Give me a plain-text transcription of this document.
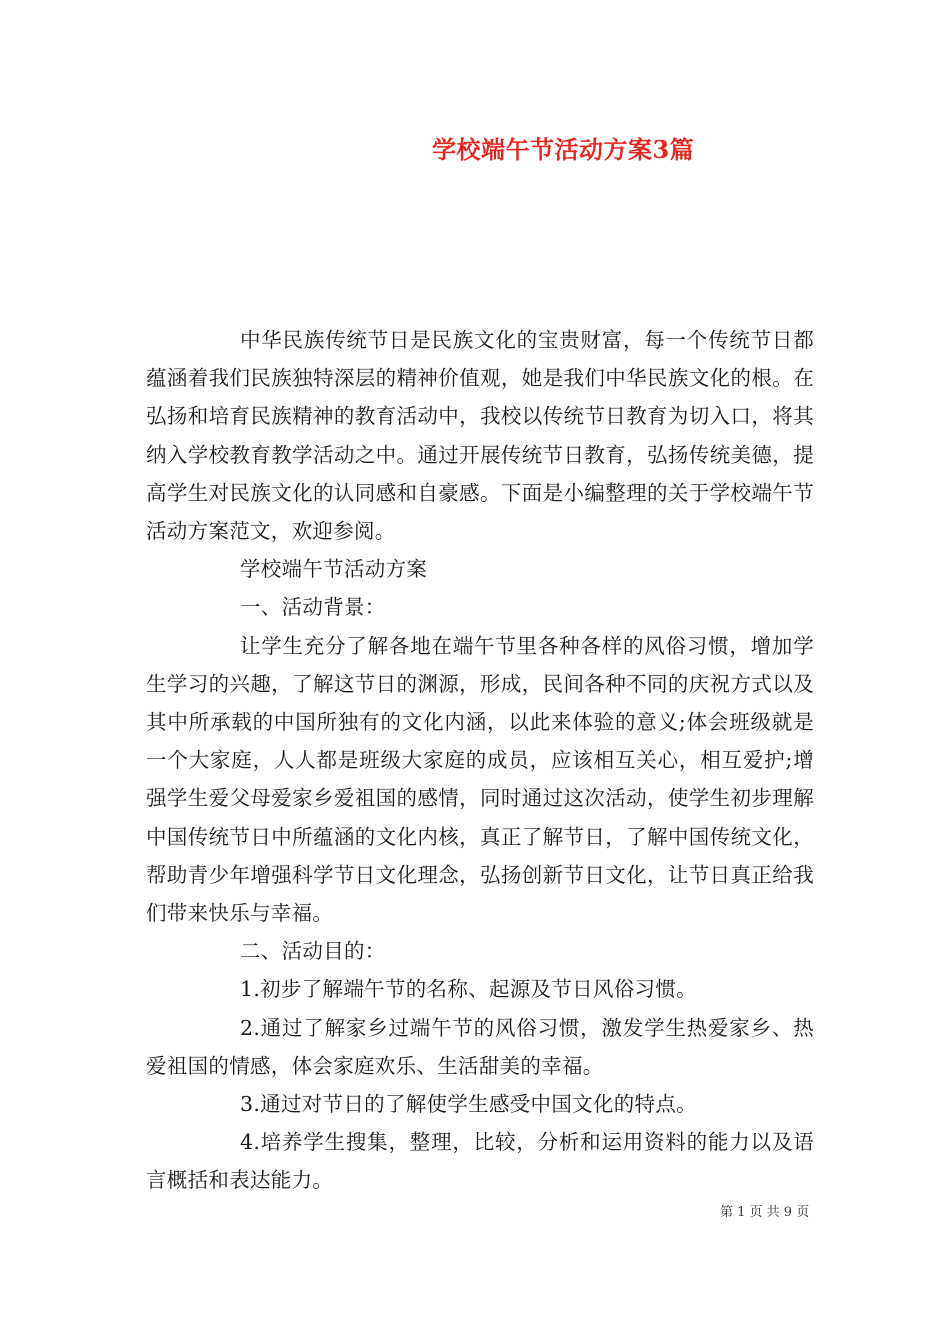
学校端午节活动方案3篇

中华民族传统节日是民族文化的宝贵财富，每一个传统节日都蕴涵着我们民族独特深层的精神价值观，她是我们中华民族文化的根。在弘扬和培育民族精神的教育活动中，我校以传统节日教育为切入口，将其纳入学校教育教学活动之中。通过开展传统节日教育，弘扬传统美德，提高学生对民族文化的认同感和自豪感。下面是小编整理的关于学校端午节活动方案范文，欢迎参阅。

学校端午节活动方案

一、活动背景：

让学生充分了解各地在端午节里各种各样的风俗习惯，增加学生学习的兴趣，了解这节日的渊源，形成，民间各种不同的庆祝方式以及其中所承载的中国所独有的文化内涵，以此来体验的意义;体会班级就是一个大家庭，人人都是班级大家庭的成员，应该相互关心，相互爱护;增强学生爱父母爱家乡爱祖国的感情，同时通过这次活动，使学生初步理解中国传统节日中所蕴涵的文化内核，真正了解节日，了解中国传统文化，帮助青少年增强科学节日文化理念，弘扬创新节日文化，让节日真正给我们带来快乐与幸福。

二、活动目的：

1.初步了解端午节的名称、起源及节日风俗习惯。

2.通过了解家乡过端午节的风俗习惯，激发学生热爱家乡、热爱祖国的情感，体会家庭欢乐、生活甜美的幸福。

3.通过对节日的了解使学生感受中国文化的特点。

4.培养学生搜集，整理，比较，分析和运用资料的能力以及语言概括和表达能力。

第 1 页 共 9 页
